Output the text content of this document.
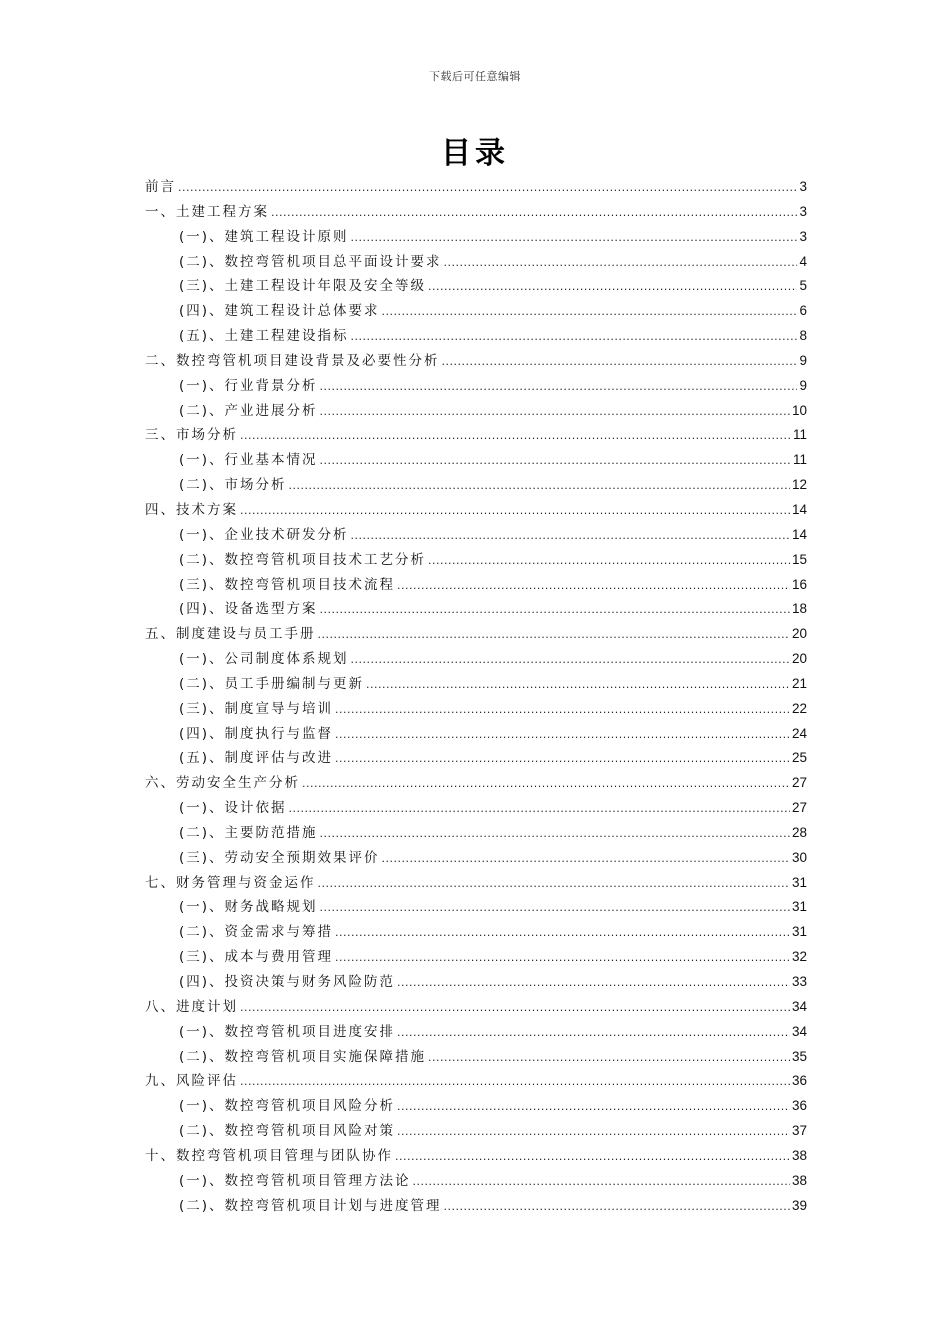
下载后可任意编辑
目录
前言 .....	3
一、土建工程方案 .....	3
(一)、建筑工程设计原则 .....	3
(二)、数控弯管机项目总平面设计要求 .....	4
(三)、土建工程设计年限及安全等级 .....	5
(四)、建筑工程设计总体要求 .....	6
(五)、土建工程建设指标 .....	8
二、数控弯管机项目建设背景及必要性分析 .....	9
(一)、行业背景分析 .....	9
(二)、产业进展分析 .....	10
三、市场分析 .....	11
(一)、行业基本情况 .....	11
(二)、市场分析 .....	12
四、技术方案 .....	14
(一)、企业技术研发分析 .....	14
(二)、数控弯管机项目技术工艺分析 .....	15
(三)、数控弯管机项目技术流程 .....	16
(四)、设备选型方案 .....	18
五、制度建设与员工手册 .....	20
(一)、公司制度体系规划 .....	20
(二)、员工手册编制与更新 .....	21
(三)、制度宣导与培训 .....	22
(四)、制度执行与监督 .....	24
(五)、制度评估与改进 .....	25
六、劳动安全生产分析 .....	27
(一)、设计依据 .....	27
(二)、主要防范措施 .....	28
(三)、劳动安全预期效果评价 .....	30
七、财务管理与资金运作 .....	31
(一)、财务战略规划 .....	31
(二)、资金需求与筹措 .....	31
(三)、成本与费用管理 .....	32
(四)、投资决策与财务风险防范 .....	33
八、进度计划 .....	34
(一)、数控弯管机项目进度安排 .....	34
(二)、数控弯管机项目实施保障措施 .....	35
九、风险评估 .....	36
(一)、数控弯管机项目风险分析 .....	36
(二)、数控弯管机项目风险对策 .....	37
十、数控弯管机项目管理与团队协作 .....	38
(一)、数控弯管机项目管理方法论 .....	38
(二)、数控弯管机项目计划与进度管理 .....	39
